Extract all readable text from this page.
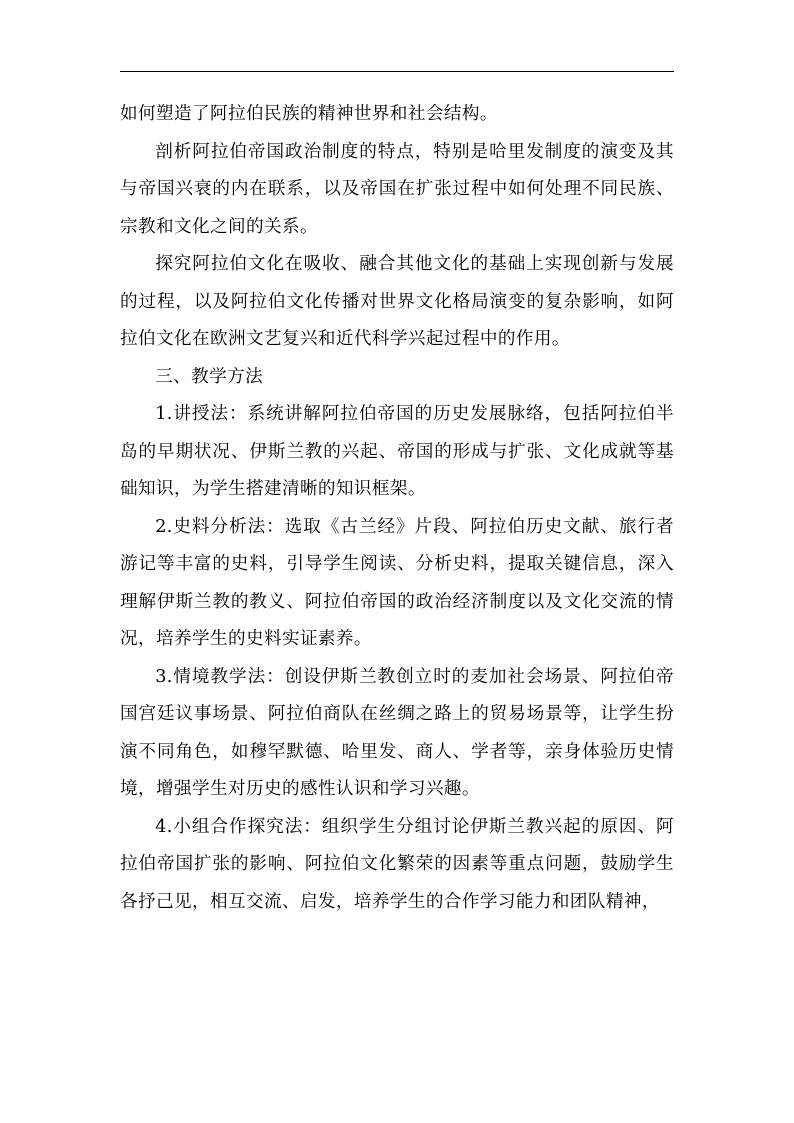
如何塑造了阿拉伯民族的精神世界和社会结构。

剖析阿拉伯帝国政治制度的特点，特别是哈里发制度的演变及其与帝国兴衰的内在联系，以及帝国在扩张过程中如何处理不同民族、宗教和文化之间的关系。

探究阿拉伯文化在吸收、融合其他文化的基础上实现创新与发展的过程，以及阿拉伯文化传播对世界文化格局演变的复杂影响，如阿拉伯文化在欧洲文艺复兴和近代科学兴起过程中的作用。

三、教学方法

1.讲授法：系统讲解阿拉伯帝国的历史发展脉络，包括阿拉伯半岛的早期状况、伊斯兰教的兴起、帝国的形成与扩张、文化成就等基础知识，为学生搭建清晰的知识框架。

2.史料分析法：选取《古兰经》片段、阿拉伯历史文献、旅行者游记等丰富的史料，引导学生阅读、分析史料，提取关键信息，深入理解伊斯兰教的教义、阿拉伯帝国的政治经济制度以及文化交流的情况，培养学生的史料实证素养。

3.情境教学法：创设伊斯兰教创立时的麦加社会场景、阿拉伯帝国宫廷议事场景、阿拉伯商队在丝绸之路上的贸易场景等，让学生扮演不同角色，如穆罕默德、哈里发、商人、学者等，亲身体验历史情境，增强学生对历史的感性认识和学习兴趣。

4.小组合作探究法：组织学生分组讨论伊斯兰教兴起的原因、阿拉伯帝国扩张的影响、阿拉伯文化繁荣的因素等重点问题，鼓励学生各抒己见，相互交流、启发，培养学生的合作学习能力和团队精神，
